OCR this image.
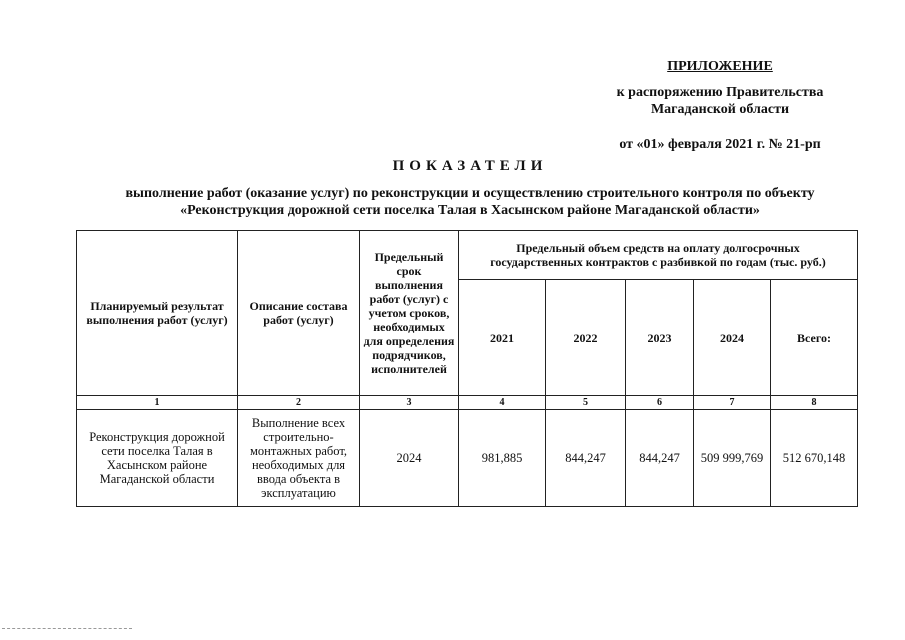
ПРИЛОЖЕНИЕ
к распоряжению Правительства
Магаданской области
от «01» февраля 2021 г. № 21-рп
ПОКАЗАТЕЛИ
выполнение работ (оказание услуг) по реконструкции и осуществлению строительного контроля по объекту
«Реконструкция дорожной сети поселка Талая в Хасынском районе Магаданской области»
Планируемый результат выполнения работ (услуг)	Описание состава работ (услуг)	Предельный срок выполнения работ (услуг) с учетом сроков, необходимых для определения подрядчиков, исполнителей	Предельный объем средств на оплату долгосрочных государственных контрактов с разбивкой по годам (тыс. руб.)				
			2021	2022	2023	2024	Всего:
1	2	3	4	5	6	7	8
Реконструкция дорожной сети поселка Талая в Хасынском районе Магаданской области	Выполнение всех строительно-монтажных работ, необходимых для ввода объекта в эксплуатацию	2024	981,885	844,247	844,247	509 999,769	512 670,148
